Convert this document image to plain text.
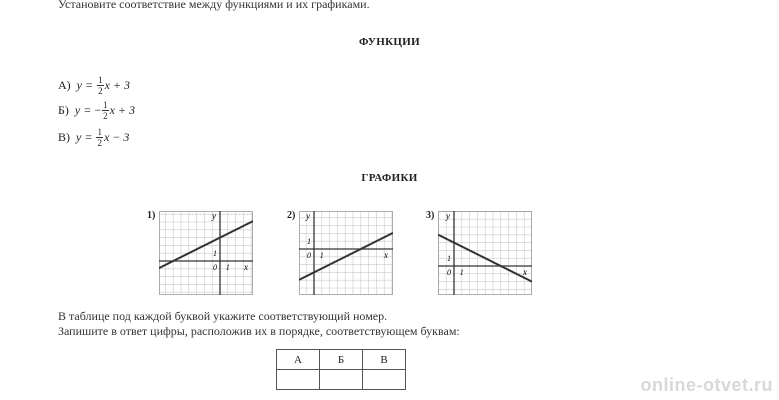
Установите соответствие между функциями и их графиками.
ФУНКЦИИ
А) y =
$\frac{1}{2}$ x + 3
Б) y =
− $\frac{1}{2}$ x + 3
В) y =
$\frac{1}{2}$ x − 3
ГРАФИКИ
1)	y
x
0 1
1
2) y
x
0 1
1
3) y
x
0 1
1
В таблице под каждой буквой укажите соответствующий номер.
Запишите в ответ цифры, расположив их в порядке, соответствующем буквам:
А	Б	В

online-otvet.ru
